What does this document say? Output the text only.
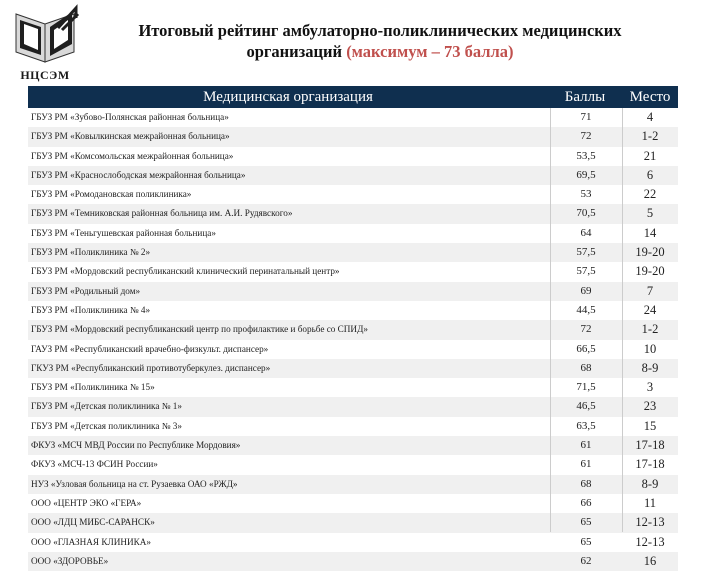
НЦСЭМ
Итоговый рейтинг амбулаторно-поликлинических медицинских
организаций (максимум – 73 балла)
Медицинская организация	Баллы	Место
ГБУЗ РМ «Зубово-Полянская районная больница»	71	4
ГБУЗ РМ «Ковылкинская межрайонная больница»	72	1-2
ГБУЗ РМ «Комсомольская межрайонная больница»	53,5	21
ГБУЗ РМ «Краснослободская межрайонная больница»	69,5	6
ГБУЗ РМ «Ромодановская поликлиника»	53	22
ГБУЗ РМ «Темниковская районная больница им. А.И. Рудявского»	70,5	5
ГБУЗ РМ «Теньгушевская районная больница»	64	14
ГБУЗ РМ «Поликлиника № 2»	57,5	19-20
ГБУЗ РМ «Мордовский республиканский клинический перинатальный центр»	57,5	19-20
ГБУЗ РМ «Родильный дом»	69	7
ГБУЗ РМ «Поликлиника № 4»	44,5	24
ГБУЗ РМ «Мордовский республиканский центр по профилактике и борьбе со СПИД»	72	1-2
ГАУЗ РМ «Республиканский врачебно-физкульт. диспансер»	66,5	10
ГКУЗ РМ «Республиканский противотуберкулез. диспансер»	68	8-9
ГБУЗ РМ «Поликлиника № 15»	71,5	3
ГБУЗ РМ «Детская поликлиника № 1»	46,5	23
ГБУЗ РМ «Детская поликлиника № 3»	63,5	15
ФКУЗ «МСЧ МВД России по Республике Мордовия»	61	17-18
ФКУЗ «МСЧ-13 ФСИН России»	61	17-18
НУЗ «Узловая больница на ст. Рузаевка ОАО «РЖД»	68	8-9
ООО «ЦЕНТР ЭКО «ГЕРА»	66	11
ООО «ЛДЦ МИБС-САРАНСК»	65	12-13
ООО «ГЛАЗНАЯ КЛИНИКА»	65	12-13
ООО «ЗДОРОВЬЕ»	62	16
